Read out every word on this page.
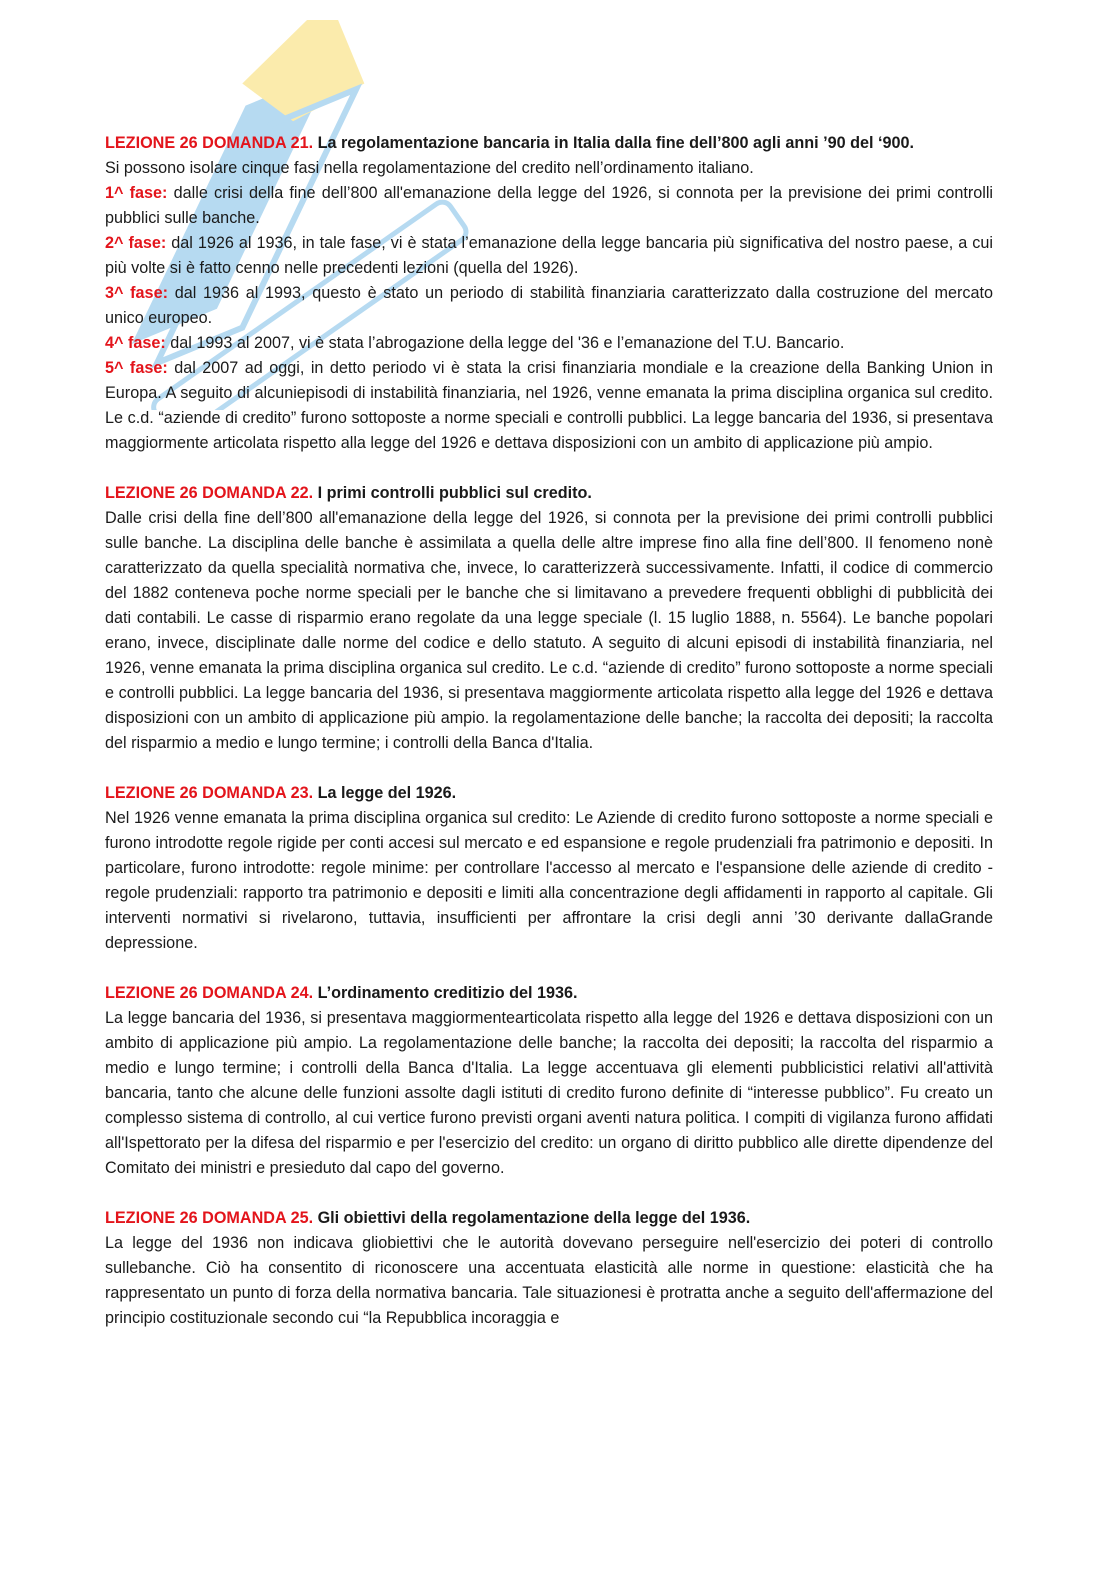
LEZIONE 26 DOMANDA 21. La regolamentazione bancaria in Italia dalla fine dell’800 agli anni ’90 del ‘900.

Si possono isolare cinque fasi nella regolamentazione del credito nell’ordinamento italiano.

1^ fase: dalle crisi della fine dell’800 all'emanazione della legge del 1926, si connota per la previsione dei primi controlli pubblici sulle banche.

2^ fase: dal 1926 al 1936, in tale fase, vi è stata l’emanazione della legge bancaria più significativa del nostro paese, a cui più volte si è fatto cenno nelle precedenti lezioni (quella del 1926).

3^ fase: dal 1936 al 1993, questo è stato un periodo di stabilità finanziaria caratterizzato dalla costruzione del mercato unico europeo.

4^ fase: dal 1993 al 2007, vi è stata l’abrogazione della legge del '36 e l’emanazione del T.U. Bancario.

5^ fase: dal 2007 ad oggi, in detto periodo vi è stata la crisi finanziaria mondiale e la creazione della Banking Union in Europa. A seguito di alcuniepisodi di instabilità finanziaria, nel 1926, venne emanata la prima disciplina organica sul credito. Le c.d. “aziende di credito” furono sottoposte a norme speciali e controlli pubblici. La legge bancaria del 1936, si presentava maggiormente articolata rispetto alla legge del 1926 e dettava disposizioni con un ambito di applicazione più ampio.

LEZIONE 26 DOMANDA 22. I primi controlli pubblici sul credito.

Dalle crisi della fine dell’800 all'emanazione della legge del 1926, si connota per la previsione dei primi controlli pubblici sulle banche. La disciplina delle banche è assimilata a quella delle altre imprese fino alla fine dell’800. Il fenomeno nonè caratterizzato da quella specialità normativa che, invece, lo caratterizzerà successivamente. Infatti, il codice di commercio del 1882 conteneva poche norme speciali per le banche che si limitavano a prevedere frequenti obblighi di pubblicità dei dati contabili. Le casse di risparmio erano regolate da una legge speciale (l. 15 luglio 1888, n. 5564). Le banche popolari erano, invece, disciplinate dalle norme del codice e dello statuto. A seguito di alcuni episodi di instabilità finanziaria, nel 1926, venne emanata la prima disciplina organica sul credito. Le c.d. “aziende di credito” furono sottoposte a norme speciali e controlli pubblici. La legge bancaria del 1936, si presentava maggiormente articolata rispetto alla legge del 1926 e dettava disposizioni con un ambito di applicazione più ampio. la regolamentazione delle banche; la raccolta dei depositi; la raccolta del risparmio a medio e lungo termine; i controlli della Banca d'Italia.

LEZIONE 26 DOMANDA 23. La legge del 1926.

Nel 1926 venne emanata la prima disciplina organica sul credito: Le Aziende di credito furono sottoposte a norme speciali e furono introdotte regole rigide per conti accesi sul mercato e ed espansione e regole prudenziali fra patrimonio e depositi. In particolare, furono introdotte: regole minime: per controllare l'accesso al mercato e l'espansione delle aziende di credito - regole prudenziali: rapporto tra patrimonio e depositi e limiti alla concentrazione degli affidamenti in rapporto al capitale. Gli interventi normativi si rivelarono, tuttavia, insufficienti per affrontare la crisi degli anni ’30 derivante dallaGrande depressione.

LEZIONE 26 DOMANDA 24. L’ordinamento creditizio del 1936.

La legge bancaria del 1936, si presentava maggiormentearticolata rispetto alla legge del 1926 e dettava disposizioni con un ambito di applicazione più ampio. La regolamentazione delle banche; la raccolta dei depositi; la raccolta del risparmio a medio e lungo termine; i controlli della Banca d'Italia. La legge accentuava gli elementi pubblicistici relativi all'attività bancaria, tanto che alcune delle funzioni assolte dagli istituti di credito furono definite di “interesse pubblico”. Fu creato un complesso sistema di controllo, al cui vertice furono previsti organi aventi natura politica. I compiti di vigilanza furono affidati all'Ispettorato per la difesa del risparmio e per l'esercizio del credito: un organo di diritto pubblico alle dirette dipendenze del Comitato dei ministri e presieduto dal capo del governo.

LEZIONE 26 DOMANDA 25. Gli obiettivi della regolamentazione della legge del 1936.

La legge del 1936 non indicava gliobiettivi che le autorità dovevano perseguire nell'esercizio dei poteri di controllo sullebanche. Ciò ha consentito di riconoscere una accentuata elasticità alle norme in questione: elasticità che ha rappresentato un punto di forza della normativa bancaria. Tale situazionesi è protratta anche a seguito dell'affermazione del principio costituzionale secondo cui “la Repubblica incoraggia e
